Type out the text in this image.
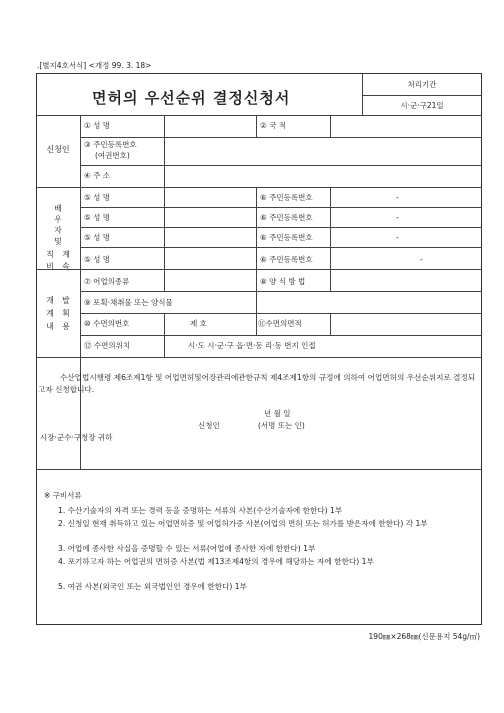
.[별지4호서식] <개정 99. 3. 18>
면허의 우선순위 결정신청서
처리기간
시·군·구21일
신청인
① 성 명	② 국 적
③ 주민등록번호
(여권번호)
④ 주 소
배
우
자
및
직	계
비	속
⑤ 성 명	⑥ 주민등록번호	-
⑤ 성 명	⑥ 주민등록번호	-
⑤ 성 명	⑥ 주민등록번호	-
⑤ 성 명	⑥ 주민등록번호	-
개	발
계	획
내	용
⑦ 어업의종류	⑧ 양 식 방 법
⑨ 포획·채취물 또는 양식물
⑩ 수면의번호	제 호	⑪수면의면적
⑫ 수면의위치	시·도 시·군·구 읍·면·동 리·동 번지 인접
수산업법시행령 제6조제1항 및 어업면허및어장관리에관한규칙 제4조제1항의 규정에 의하여 어업면허의 우선순위지로 결정되고자 신청합니다.
년 월 일
신청인	(서명 또는 인)
시장·군수·구청장 귀하
※ 구비서류
1. 수산기술자의 자격 또는 경력 등을 증명하는 서류의 사본(수산기술자에 한한다) 1부
2. 신청일 현재 취득하고 있는 어업면허증 및 어업허가증 사본(어업의 면허 또는 허가를 받은자에 한한다) 각 1부
3. 어업에 종사한 사실을 증명할 수 있는 서류(어업에 종사한 자에 한한다) 1부
4. 포기하고자 하는 어업권의 면허증 사본(법 제13조제4항의 경우에 해당하는 자에 한한다) 1부
5. 여권 사본(외국인 또는 외국법인인 경우에 한한다) 1부
190㎜×268㎜(신문용지 54g/㎡)
